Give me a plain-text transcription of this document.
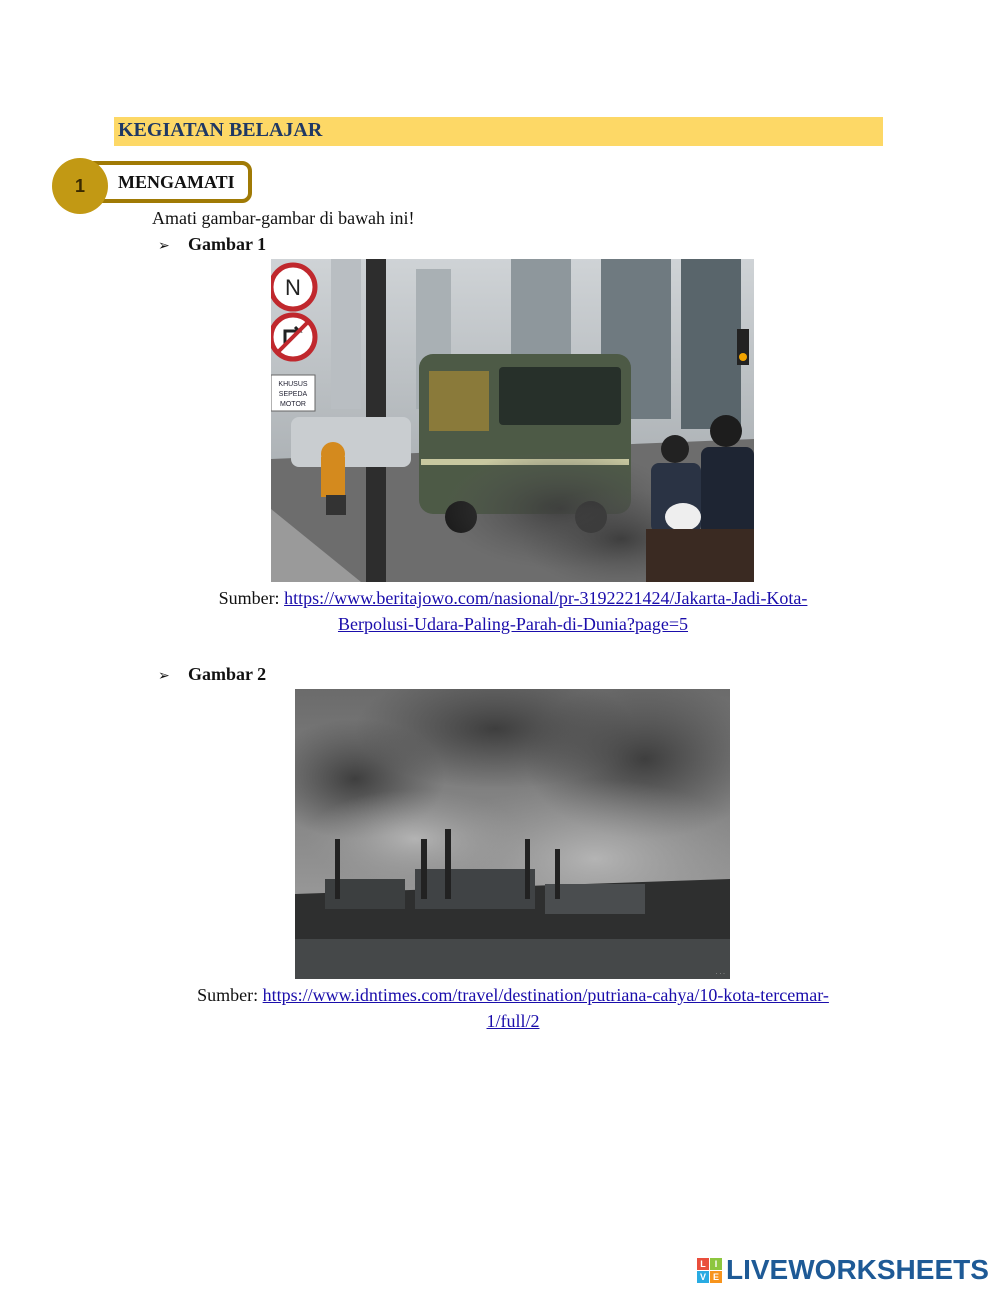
KEGIATAN BELAJAR
1	MENGAMATI
Amati gambar-gambar di bawah ini!
➢ Gambar 1
N
KHUSUS
SEPEDA
MOTOR
Sumber: https://www.beritajowo.com/nasional/pr-3192221424/Jakarta-Jadi-Kota-
Berpolusi-Udara-Paling-Parah-di-Dunia?page=5
➢ Gambar 2
· · ·
Sumber: https://www.idntimes.com/travel/destination/putriana-cahya/10-kota-tercemar-
1/full/2
L I
V E LIVEWORKSHEETS
